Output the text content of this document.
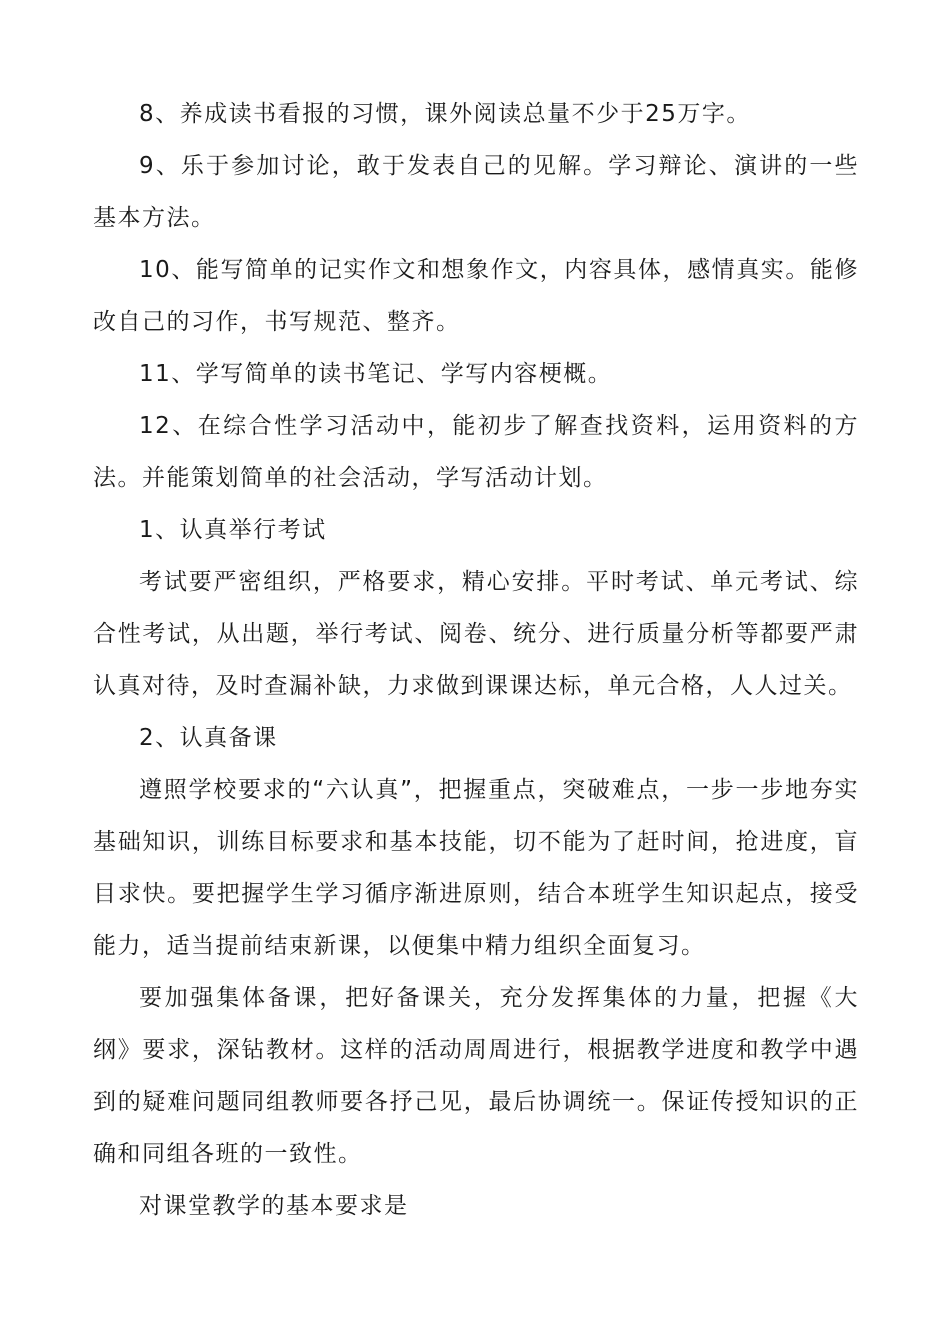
8、养成读书看报的习惯，课外阅读总量不少于25万字。

9、乐于参加讨论，敢于发表自己的见解。学习辩论、演讲的一些基本方法。

10、能写简单的记实作文和想象作文，内容具体，感情真实。能修改自己的习作，书写规范、整齐。

11、学写简单的读书笔记、学写内容梗概。

12、在综合性学习活动中，能初步了解查找资料，运用资料的方法。并能策划简单的社会活动，学写活动计划。

1、认真举行考试

考试要严密组织，严格要求，精心安排。平时考试、单元考试、综合性考试，从出题，举行考试、阅卷、统分、进行质量分析等都要严肃认真对待，及时查漏补缺，力求做到课课达标，单元合格，人人过关。

2、认真备课

遵照学校要求的“六认真”，把握重点，突破难点，一步一步地夯实基础知识，训练目标要求和基本技能，切不能为了赶时间，抢进度，盲目求快。要把握学生学习循序渐进原则，结合本班学生知识起点，接受能力，适当提前结束新课，以便集中精力组织全面复习。

要加强集体备课，把好备课关，充分发挥集体的力量，把握《大纲》要求，深钻教材。这样的活动周周进行，根据教学进度和教学中遇到的疑难问题同组教师要各抒己见，最后协调统一。保证传授知识的正确和同组各班的一致性。

对课堂教学的基本要求是
